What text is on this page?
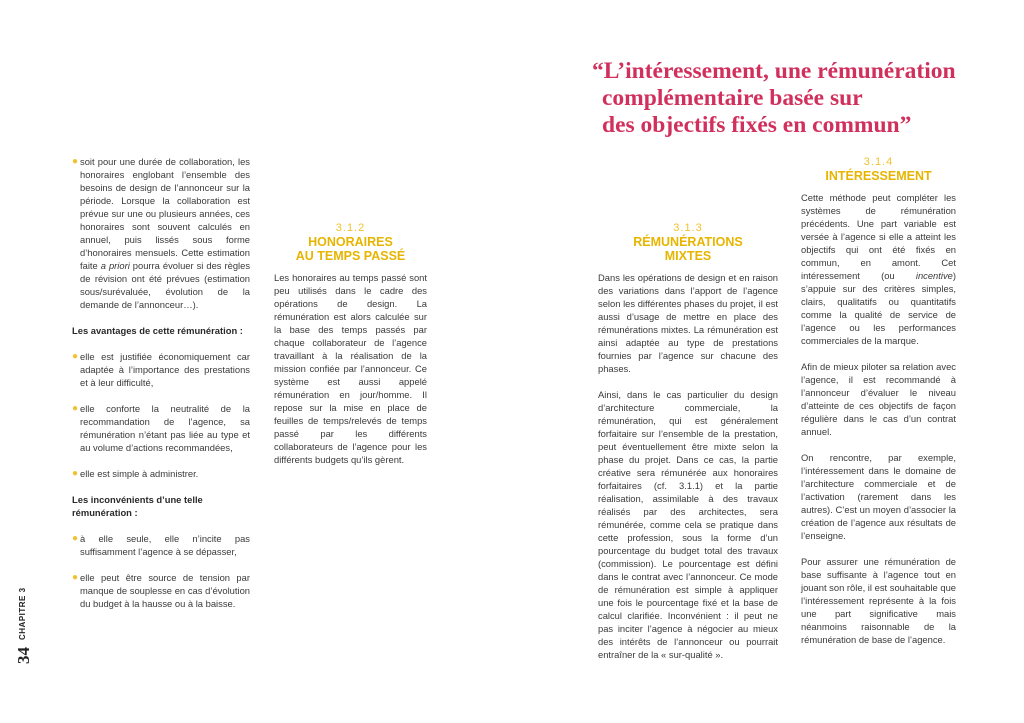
“L’intéressement, une rémunération
complémentaire basée sur
des objectifs fixés en commun”
● soit pour une durée de collaboration, les honoraires englobant l’ensemble des besoins de design de l’annonceur sur la période. Lorsque la collaboration est prévue sur une ou plusieurs années, ces honoraires sont souvent calculés en annuel, puis lissés sous forme d’honoraires mensuels. Cette estimation faite a priori pourra évoluer si des règles de révision ont été prévues (estimation sous/surévaluée, évolution de la demande de l’annonceur…).
Les avantages de cette rémunération :
● elle est justifiée économiquement car adaptée à l’importance des prestations et à leur difficulté,
● elle conforte la neutralité de la recommandation de l’agence, sa rémunération n’étant pas liée au type et au volume d’actions recommandées,
● elle est simple à administrer.
Les inconvénients d’une telle rémunération :
● à elle seule, elle n’incite pas suffisamment l’agence à se dépasser,
● elle peut être source de tension par manque de souplesse en cas d’évolution du budget à la hausse ou à la baisse.
3.1.2
HONORAIRES
AU TEMPS PASSÉ

Les honoraires au temps passé sont peu utilisés dans le cadre des opérations de design. La rémunération est alors calculée sur la base des temps passés par chaque collaborateur de l’agence travaillant à la réalisation de la mission confiée par l’annonceur. Ce système est aussi appelé rémunération en jour/homme. Il repose sur la mise en place de feuilles de temps/relevés de temps passé par les différents collaborateurs de l’agence pour les différents budgets qu’ils gèrent.

3.1.3
RÉMUNÉRATIONS
MIXTES

Dans les opérations de design et en raison des variations dans l’apport de l’agence selon les différentes phases du projet, il est aussi d’usage de mettre en place des rémunérations mixtes. La rémunération est ainsi adaptée au type de prestations fournies par l’agence sur chacune des phases.

Ainsi, dans le cas particulier du design d’architecture commerciale, la rémunération, qui est généralement forfaitaire sur l’ensemble de la prestation, peut éventuellement être mixte selon la phase du projet. Dans ce cas, la partie créative sera rémunérée aux honoraires forfaitaires (cf. 3.1.1) et la partie réalisation, assimilable à des travaux réalisés par des architectes, sera rémunérée, comme cela se pratique dans cette profession, sous la forme d’un pourcentage du budget total des travaux (commission). Le pourcentage est défini dans le contrat avec l’annonceur. Ce mode de rémunération est simple à appliquer une fois le pourcentage fixé et la base de calcul clarifiée. Inconvénient : il peut ne pas inciter l’agence à négocier au mieux des intérêts de l’annonceur ou pourrait entraîner de la « sur-qualité ».

3.1.4
INTÉRESSEMENT

Cette méthode peut compléter les systèmes de rémunération précédents. Une part variable est versée à l’agence si elle a atteint les objectifs qui ont été fixés en commun, en amont. Cet intéressement (ou incentive) s’appuie sur des critères simples, clairs, qualitatifs ou quantitatifs comme la qualité de service de l’agence ou les performances commerciales de la marque.

Afin de mieux piloter sa relation avec l’agence, il est recommandé à l’annonceur d’évaluer le niveau d’atteinte de ces objectifs de façon régulière dans le cas d’un contrat annuel.

On rencontre, par exemple, l’intéressement dans le domaine de l’architecture commerciale et de l’activation (rarement dans les autres). C’est un moyen d’associer la création de l’agence aux résultats de l’enseigne.

Pour assurer une rémunération de base suffisante à l’agence tout en jouant son rôle, il est souhaitable que l’intéressement représente à la fois une part significative mais néanmoins raisonnable de la rémunération de base de l’agence.

34
CHAPITRE 3
